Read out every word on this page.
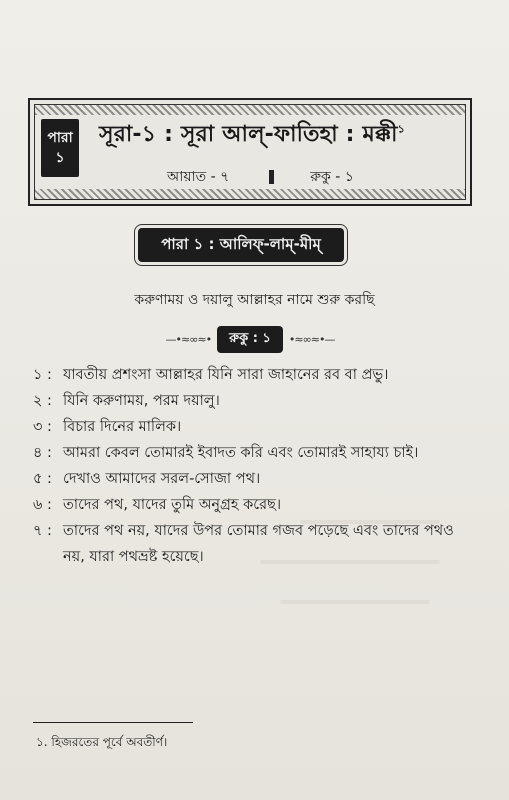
পারা
১
সূরা-১ : সূরা আল্-ফাতিহা : মক্কী$^১$
আয়াত - ৭	রুকু - ১
পারা ১ : আলিফ্-লাম্-মীম্
করুণাময় ও দয়ালু আল্লাহর নামে শুরু করছি
—•≈∞≈•	রুকু : ১	•≈∞≈•—
১ : যাবতীয় প্রশংসা আল্লাহর যিনি সারা জাহানের রব বা প্রভু।
২ : যিনি করুণাময়, পরম দয়ালু।
৩ : বিচার দিনের মালিক।
৪ : আমরা কেবল তোমারই ইবাদত করি এবং তোমারই সাহায্য চাই।
৫ : দেখাও আমাদের সরল-সোজা পথ।
৬ : তাদের পথ, যাদের তুমি অনুগ্রহ করেছ।
৭ : তাদের পথ নয়, যাদের উপর তোমার গজব পড়েছে এবং তাদের পথও নয়, যারা পথভ্রষ্ট হয়েছে।
১. হিজরতের পূর্বে অবতীর্ণ।
